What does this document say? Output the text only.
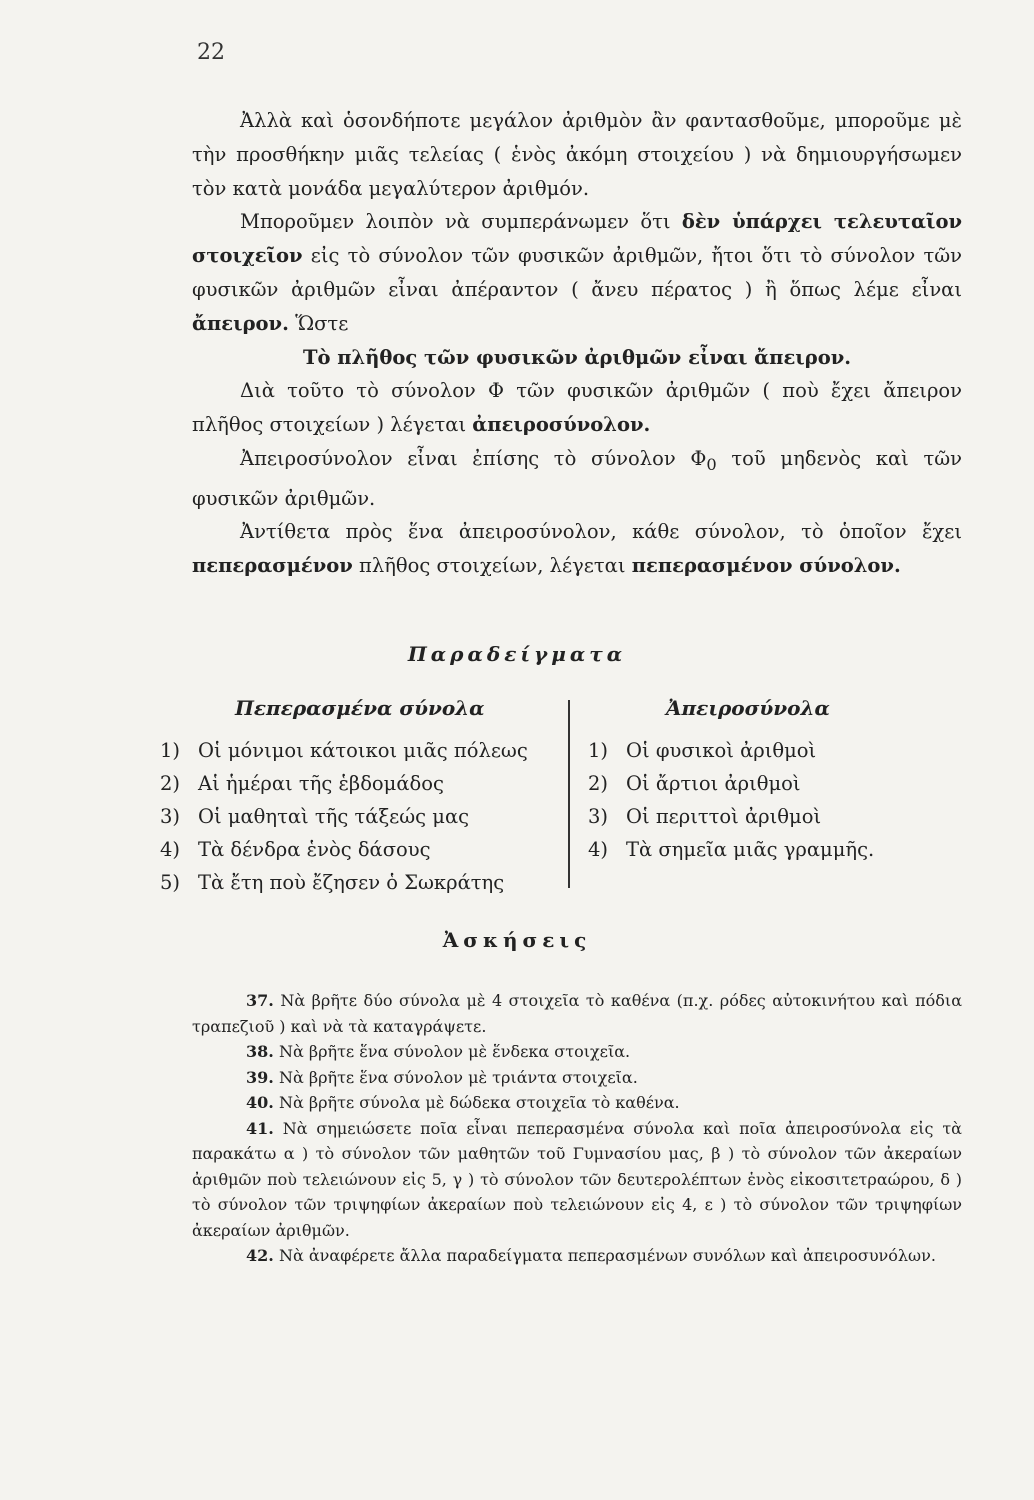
22

Ἀλλὰ καὶ ὁσονδήποτε μεγάλον ἀριθμὸν ἂν φαντασθοῦμε, μποροῦμε μὲ τὴν προσθήκην μιᾶς τελείας ( ἑνὸς ἀκόμη στοιχείου ) νὰ δημιουργήσωμεν τὸν κατὰ μονάδα μεγαλύτερον ἀριθμόν.

Μποροῦμεν λοιπὸν νὰ συμπεράνωμεν ὅτι δὲν ὑπάρχει τελευταῖον στοιχεῖον εἰς τὸ σύνολον τῶν φυσικῶν ἀριθμῶν, ἤτοι ὅτι τὸ σύνολον τῶν φυσικῶν ἀριθμῶν εἶναι ἀπέραντον ( ἄνευ πέρατος ) ἢ ὅπως λέμε εἶναι ἄπειρον. Ὥστε

Τὸ πλῆθος τῶν φυσικῶν ἀριθμῶν εἶναι ἄπειρον.

Διὰ τοῦτο τὸ σύνολον Φ τῶν φυσικῶν ἀριθμῶν ( ποὺ ἔχει ἄπειρον πλῆθος στοιχείων ) λέγεται ἀπειροσύνολον.

Ἀπειροσύνολον εἶναι ἐπίσης τὸ σύνολον $\Phi_0$ τοῦ μηδενὸς καὶ τῶν φυσικῶν ἀριθμῶν.

Ἀντίθετα πρὸς ἕνα ἀπειροσύνολον, κάθε σύνολον, τὸ ὁποῖον ἔχει πεπερασμένον πλῆθος στοιχείων, λέγεται πεπερασμένον σύνολον.

Παραδείγματα
Πεπερασμένα σύνολα	Ἀπειροσύνολα
1) Οἱ μόνιμοι κάτοικοι μιᾶς πόλεως
2) Αἱ ἡμέραι τῆς ἑβδομάδος
3) Οἱ μαθηταὶ τῆς τάξεώς μας
4) Τὰ δένδρα ἑνὸς δάσους
5) Τὰ ἔτη ποὺ ἔζησεν ὁ Σωκράτης
1) Οἱ φυσικοὶ ἀριθμοὶ
2) Οἱ ἄρτιοι ἀριθμοὶ
3) Οἱ περιττοὶ ἀριθμοὶ
4) Τὰ σημεῖα μιᾶς γραμμῆς.
Ἀσκήσεις

37. Νὰ βρῆτε δύο σύνολα μὲ 4 στοιχεῖα τὸ καθένα (π.χ. ρόδες αὐτοκινήτου καὶ πόδια τραπεζιοῦ ) καὶ νὰ τὰ καταγράψετε.

38. Νὰ βρῆτε ἕνα σύνολον μὲ ἕνδεκα στοιχεῖα.

39. Νὰ βρῆτε ἕνα σύνολον μὲ τριάντα στοιχεῖα.

40. Νὰ βρῆτε σύνολα μὲ δώδεκα στοιχεῖα τὸ καθένα.

41. Νὰ σημειώσετε ποῖα εἶναι πεπερασμένα σύνολα καὶ ποῖα ἀπειροσύνολα εἰς τὰ παρακάτω α ) τὸ σύνολον τῶν μαθητῶν τοῦ Γυμνασίου μας, β ) τὸ σύνολον τῶν ἀκεραίων ἀριθμῶν ποὺ τελειώνουν εἰς 5, γ ) τὸ σύνολον τῶν δευτερολέπτων ἑνὸς εἰκοσιτετραώρου, δ ) τὸ σύνολον τῶν τριψηφίων ἀκεραίων ποὺ τελειώνουν εἰς 4, ε ) τὸ σύνολον τῶν τριψηφίων ἀκεραίων ἀριθμῶν.

42. Νὰ ἀναφέρετε ἄλλα παραδείγματα πεπερασμένων συνόλων καὶ ἀπειροσυνόλων.
